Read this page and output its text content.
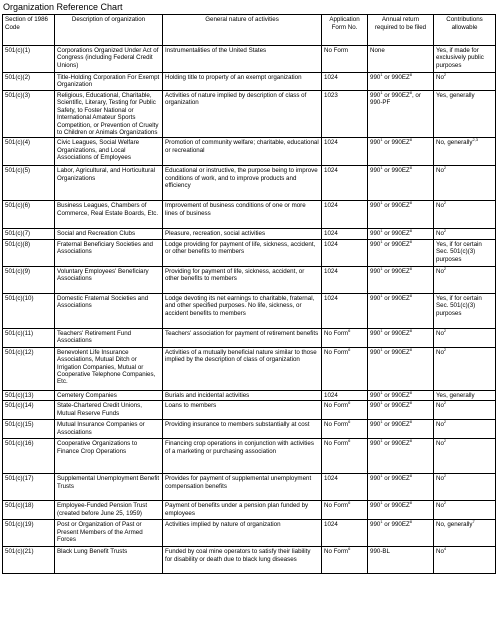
Organization Reference Chart
Section of 1986 Code	Description of organization	General nature of activities	Application Form No.	Annual return required to be filed	Contributions allowable
501(c)(1)	Corporations Organized Under Act of Congress (including Federal Credit Unions)	Instrumentalities of the United States	No Form	None	Yes, if made for exclusively public purposes
501(c)(2)	Title-Holding Corporation For Exempt Organization	Holding title to property of an exempt organization	1024	$990^1$ or $990EZ^8$	No$^2$
501(c)(3)	Religious, Educational, Charitable, Scientific, Literary, Testing for Public Safety, to Foster National or International Amateur Sports Competition, or Prevention of Cruelty to Children or Animals Organizations	Activities of nature implied by description of class of organization	1023	$990^1$ or $990EZ^8$, or 990-PF	Yes, generally
501(c)(4)	Civic Leagues, Social Welfare Organizations, and Local Associations of Employees	Promotion of community welfare; charitable, educational or recreational	1024	$990^1$ or $990EZ^8$	No, generally$^{2,3}$
501(c)(5)	Labor, Agricultural, and Horticultural Organizations	Educational or instructive, the purpose being to improve conditions of work, and to improve products and efficiency	1024	$990^1$ or $990EZ^8$	No$^2$
501(c)(6)	Business Leagues, Chambers of Commerce, Real Estate Boards, Etc.	Improvement of business conditions of one or more lines of business	1024	$990^1$ or $990EZ^8$	No$^2$
501(c)(7)	Social and Recreation Clubs	Pleasure, recreation, social activities	1024	$990^1$ or $990EZ^8$	No$^2$
501(c)(8)	Fraternal Beneficiary Societies and Associations	Lodge providing for payment of life, sickness, accident, or other benefits to members	1024	$990^1$ or $990EZ^8$	Yes, if for certain Sec. 501(c)(3) purposes
501(c)(9)	Voluntary Employees' Beneficiary Associations	Providing for payment of life, sickness, accident, or other benefits to members	1024	$990^1$ or $990EZ^8$	No$^2$
501(c)(10)	Domestic Fraternal Societies and Associations	Lodge devoting its net earnings to charitable, fraternal, and other specified purposes. No life, sickness, or accident benefits to members	1024	$990^1$ or $990EZ^8$	Yes, if for certain Sec. 501(c)(3) purposes
501(c)(11)	Teachers' Retirement Fund Associations	Teachers' association for payment of retirement benefits	No Form$^6$	$990^1$ or $990EZ^8$	No$^2$
501(c)(12)	Benevolent Life Insurance Associations, Mutual Ditch or Irrigation Companies, Mutual or Cooperative Telephone Companies, Etc.	Activities of a mutually beneficial nature similar to those implied by the description of class of organization	No Form$^6$	$990^1$ or $990EZ^8$	No$^2$
501(c)(13)	Cemetery Companies	Burials and incidental activities	1024	$990^1$ or $990EZ^8$	Yes, generally
501(c)(14)	State-Chartered Credit Unions, Mutual Reserve Funds	Loans to members	No Form$^6$	$990^1$ or $990EZ^8$	No$^2$
501(c)(15)	Mutual Insurance Companies or Associations	Providing insurance to members substantially at cost	No Form$^6$	$990^1$ or $990EZ^8$	No$^2$
501(c)(16)	Cooperative Organizations to Finance Crop Operations	Financing crop operations in conjunction with activities of a marketing or purchasing association	No Form$^6$	$990^1$ or $990EZ^8$	No$^2$
501(c)(17)	Supplemental Unemployment Benefit Trusts	Provides for payment of supplemental unemployment compensation benefits	1024	$990^1$ or $990EZ^8$	No$^2$
501(c)(18)	Employee-Funded Pension Trust (created before June 25, 1959)	Payment of benefits under a pension plan funded by employees	No Form$^6$	$990^1$ or $990EZ^8$	No$^2$
501(c)(19)	Post or Organization of Past or Present Members of the Armed Forces	Activities implied by nature of organization	1024	$990^1$ or $990EZ^8$	No, generally$^7$
501(c)(21)	Black Lung Benefit Trusts	Funded by coal mine operators to satisfy their liability for disability or death due to black lung diseases	No Form$^6$	990-BL	No$^4$
